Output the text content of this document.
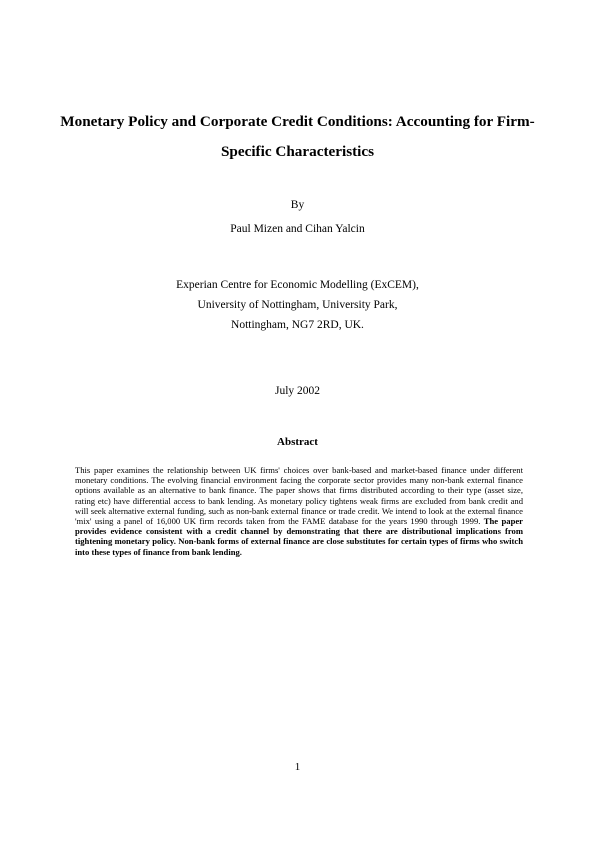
Monetary Policy and Corporate Credit Conditions: Accounting for Firm-Specific Characteristics
By
Paul Mizen and Cihan Yalcin
Experian Centre for Economic Modelling (ExCEM),
University of Nottingham, University Park,
Nottingham, NG7 2RD, UK.
July 2002
Abstract
This paper examines the relationship between UK firms' choices over bank-based and market-based finance under different monetary conditions. The evolving financial environment facing the corporate sector provides many non-bank external finance options available as an alternative to bank finance. The paper shows that firms distributed according to their type (asset size, rating etc) have differential access to bank lending. As monetary policy tightens weak firms are excluded from bank credit and will seek alternative external funding, such as non-bank external finance or trade credit. We intend to look at the external finance 'mix' using a panel of 16,000 UK firm records taken from the FAME database for the years 1990 through 1999. The paper provides evidence consistent with a credit channel by demonstrating that there are distributional implications from tightening monetary policy. Non-bank forms of external finance are close substitutes for certain types of firms who switch into these types of finance from bank lending.
1
